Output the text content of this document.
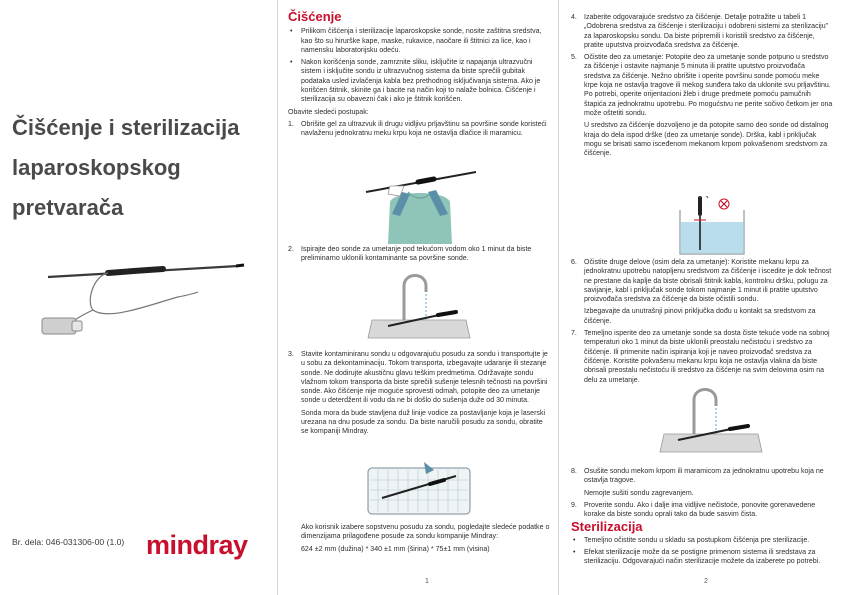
Čišćenje i sterilizacija
laparoskopskog
pretvarača
Br. dela: 046-031306-00 (1.0) mindray
Čišćenje
• Prilikom čišćenja i sterilizacije laparoskopske sonde, nosite zaštitna sredstva, kao što su hirurške kape, maske, rukavice, naočare ili štitnici za lice, kao i namensku laboratorijsku odeću.
• Nakon korišćenja sonde, zamrznite sliku, isključite iz napajanja ultrazvučni sistem i isključite sondu iz ultrazvučnog sistema da biste sprečili gubitak podataka usled izvlačenja kabla bez prethodnog isključivanja sistema. Ako je korišćen štitnik, skinite ga i bacite na način koji to nalaže bolnica. Čišćenje i sterilizacija su obavezni čak i ako je štitnik korišćen.

Obavite sledeći postupak:

1. Obrišite gel za ultrazvuk ili drugu vidljivu prljavštinu sa površine sonde koristeći navlaženu jednokratnu meku krpu koja ne ostavlja dlačice ili maramicu.

2. Ispirajte deo sonde za umetanje pod tekućom vodom oko 1 minut da biste preliminarno uklonili kontaminante sa površine sonde.

3. Stavite kontaminiranu sondu u odgovarajuću posudu za sondu i transportujte je u sobu za dekontaminaciju. Tokom transporta, izbegavajte udaranje ili stezanje sonde. Ne dodirujte akustičnu glavu teškim predmetima. Održavajte sondu vlažnom tokom transporta da biste sprečili sušenje telesnih tečnosti na površini sonde. Ako čišćenje nije moguće sprovesti odmah, potopite deo za umetanje sonde u deterdžent ili vodu da ne bi došlo do sušenja duže od 30 minuta.

Sonda mora da bude stavljena duž linije vodice za postavljanje koja je laserski urezana na dnu posude za sondu. Da biste naručili posudu za sondu, obratite se kompaniji Mindray.

Ako korisnik izabere sopstvenu posudu za sondu, pogledajte sledeće podatke o dimenzijama prilagođene posude za sondu kompanije Mindray:

624 ±2 mm (dužina) * 340 ±1 mm (širina) * 75±1 mm (visina)

1
4. Izaberite odgovarajuće sredstvo za čišćenje. Detalje potražite u tabeli 1 „Odobrena sredstva za čišćenje i sterilizaciju i odobreni sistemi za sterilizaciju” za laparoskopsku sondu. Da biste pripremili i koristili sredstvo za čišćenje, pratite uputstva proizvođača sredstva za čišćenje.

5. Očistite deo za umetanje: Potopite deo za umetanje sonde potpuno u sredstvo za čišćenje i ostavite najmanje 5 minuta ili pratite uputstvo proizvođača sredstva za čišćenje. Nežno obrišite i operite površinu sonde pomoću meke krpe koja ne ostavlja tragove ili mekog sunđera tako da uklonite svu prljavštinu. Po potrebi, operite orijentacioni žleb i druge predmete pomoću pamučnih štapića za jednokratnu upotrebu. Po mogućstvu ne perite sočivo četkom jer ona može oštetiti sondu.

U sredstvo za čišćenje dozvoljeno je da potopite samo deo sonde od distalnog kraja do dela ispod drške (deo za umetanje sonde). Drška, kabl i priključak mogu se brisati samo isceđenom mekanom krpom pokvašenom sredstvom za čišćenje.

6. Očistite druge delove (osim dela za umetanje): Koristite mekanu krpu za jednokratnu upotrebu natopljenu sredstvom za čišćenje i iscedite je dok tečnost ne prestane da kaplje da biste obrisali štitnik kabla, kontrolnu dršku, polugu za savijanje, kabl i priključak sonde tokom najmanje 1 minut ili pratite uputstvo proizvođača sredstva za čišćenje da biste očistili sondu.

Izbegavajte da unutrašnji pinovi priključka dođu u kontakt sa sredstvom za čišćenje.

7. Temeljno isperite deo za umetanje sonde sa dosta čiste tekuće vode na sobnoj temperaturi oko 1 minut da biste uklonili preostalu nečistoću i sredstvo za čišćenje. Ili primenite način ispiranja koji je naveo proizvođač sredstva za čišćenje. Koristite pokvašenu mekanu krpu koja ne ostavlja vlakna da biste obrisali preostalu nečistoću ili sredstvo za čišćenje na svim delovima osim na delu za umetanje.

8. Osušite sondu mekom krpom ili maramicom za jednokratnu upotrebu koja ne ostavlja tragove.

Nemojte sušiti sondu zagrevanjem.

9. Proverite sondu. Ako i dalje ima vidljive nečistoće, ponovite gorenavedene korake da biste sondu oprali tako da bude sasvim čista.

Sterilizacija
• Temeljno očistite sondu u skladu sa postupkom čišćenja pre sterilizacije.
• Efekat sterilizacije može da se postigne primenom sistema ili sredstava za sterilizaciju. Odgovarajući način sterilizacije možete da izaberete po potrebi.
2
